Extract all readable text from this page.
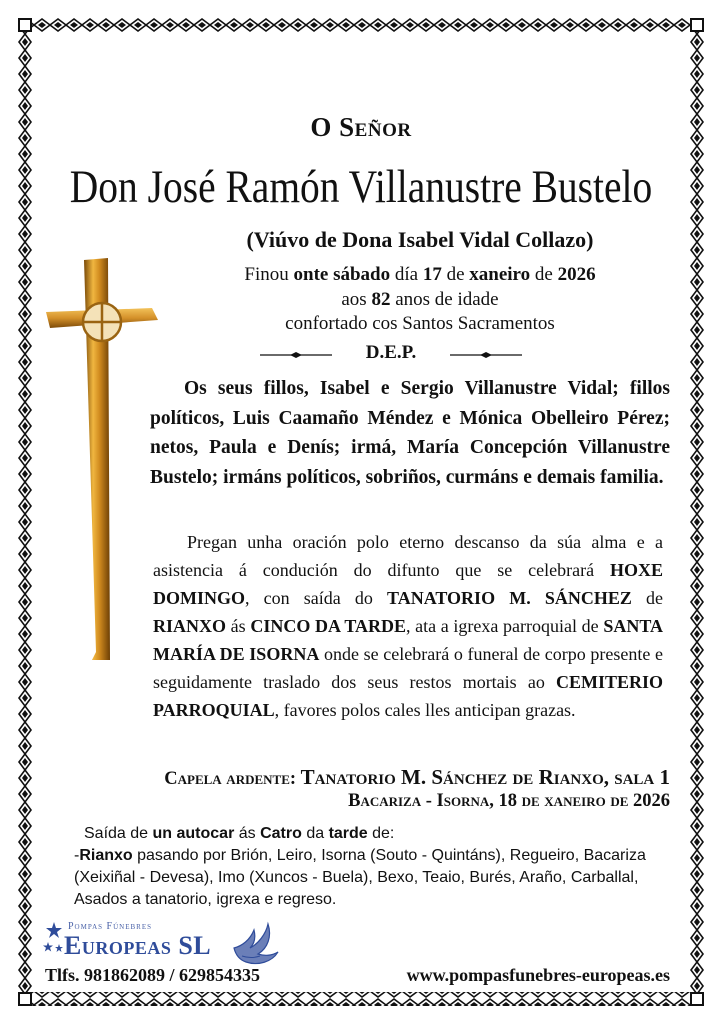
O Señor
Don José Ramón Villanustre Bustelo
(Viúvo de Dona Isabel Vidal Collazo)
Finou onte sábado día 17 de xaneiro de 2026
aos 82 anos de idade
confortado cos Santos Sacramentos
D.E.P.

Os seus fillos, Isabel e Sergio Villanustre Vidal; fillos políticos, Luis Caamaño Méndez e Mónica Obelleiro Pérez; netos, Paula e Denís; irmá, María Concepción Villanustre Bustelo; irmáns políticos, sobriños, curmáns e demais familia.

Pregan unha oración polo eterno descanso da súa alma e a asistencia á condución do difunto que se celebrará HOXE DOMINGO, con saída do TANATORIO M. SÁNCHEZ de RIANXO ás CINCO DA TARDE, ata a igrexa parroquial de SANTA MARÍA DE ISORNA onde se celebrará o funeral de corpo presente e seguidamente traslado dos seus restos mortais ao CEMITERIO PARROQUIAL, favores polos cales lles anticipan grazas.

Capela ardente: Tanatorio M. Sánchez de Rianxo, sala 1
Bacariza - Isorna, 18 de xaneiro de 2026

Saída de un autocar ás Catro da tarde de:

-Rianxo pasando por Brión, Leiro, Isorna (Souto - Quintáns), Regueiro, Bacariza (Xeixiñal - Devesa), Imo (Xuncos - Buela), Bexo, Teaio, Burés, Araño, Carballal, Asados a tanatorio, igrexa e regreso.

Pompas Fúnebres
Europeas SL
Tlfs. 981862089 / 629854335	www.pompasfunebres-europeas.es
